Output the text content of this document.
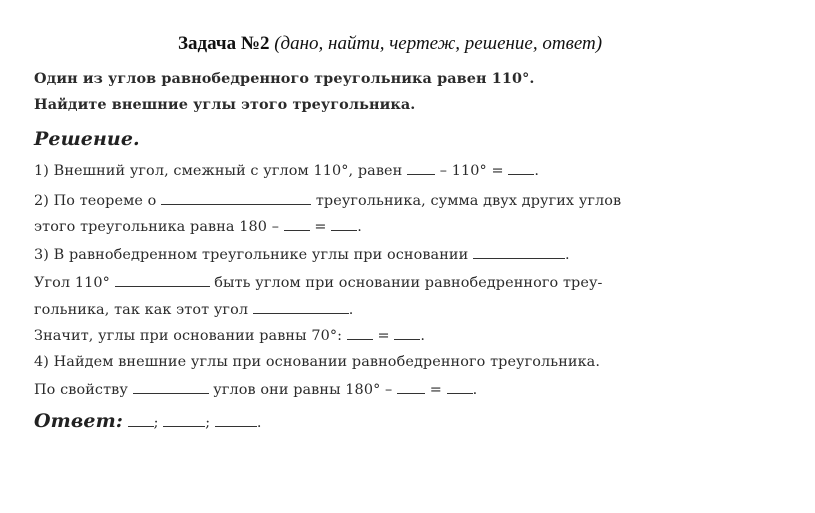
Задача №2 (дано, найти, чертеж, решение, ответ)
Один из углов равнобедренного треугольника равен 110°.
Найдите внешние углы этого треугольника.
Решение.
1) Внешний угол, смежный с углом 110°, равен	– 110° = .
2) По теореме о	треугольника, сумма двух других углов
этого треугольника равна 180 – = .
3) В равнобедренном треугольнике углы при основании	.
Угол 110°	быть углом при основании равнобедренного треу-
гольника, так как этот угол	.
Значит, углы при основании равны 70°: = .
4) Найдем внешние углы при основании равнобедренного треугольника.
По свойству	углов они равны 180° –	= .
Ответ: ;	;	.
